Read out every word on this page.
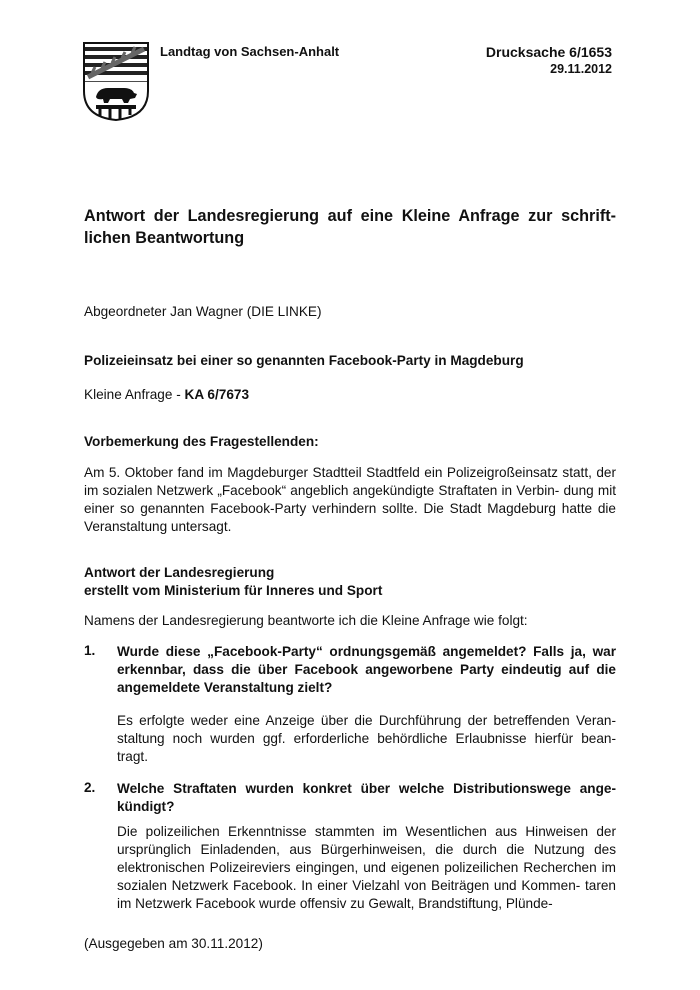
Landtag von Sachsen-Anhalt	Drucksache 6/1653
29.11.2012
Antwort der Landesregierung auf eine Kleine Anfrage zur schrift- lichen Beantwortung
Abgeordneter Jan Wagner (DIE LINKE)
Polizeieinsatz bei einer so genannten Facebook-Party in Magdeburg
Kleine Anfrage - KA 6/7673
Vorbemerkung des Fragestellenden:
Am 5. Oktober fand im Magdeburger Stadtteil Stadtfeld ein Polizeigroßeinsatz statt, der im sozialen Netzwerk „Facebook“ angeblich angekündigte Straftaten in Verbin- dung mit einer so genannten Facebook-Party verhindern sollte. Die Stadt Magdeburg hatte die Veranstaltung untersagt.
Antwort der Landesregierung
erstellt vom Ministerium für Inneres und Sport
Namens der Landesregierung beantworte ich die Kleine Anfrage wie folgt:
1. Wurde diese „Facebook-Party“ ordnungsgemäß angemeldet? Falls ja, war erkennbar, dass die über Facebook angeworbene Party eindeutig auf die angemeldete Veranstaltung zielt?
Es erfolgte weder eine Anzeige über die Durchführung der betreffenden Veran- staltung noch wurden ggf. erforderliche behördliche Erlaubnisse hierfür bean- tragt.
2. Welche Straftaten wurden konkret über welche Distributionswege ange- kündigt?
Die polizeilichen Erkenntnisse stammten im Wesentlichen aus Hinweisen der ursprünglich Einladenden, aus Bürgerhinweisen, die durch die Nutzung des elektronischen Polizeireviers eingingen, und eigenen polizeilichen Recherchen im sozialen Netzwerk Facebook. In einer Vielzahl von Beiträgen und Kommen- taren im Netzwerk Facebook wurde offensiv zu Gewalt, Brandstiftung, Plünde-
(Ausgegeben am 30.11.2012)
